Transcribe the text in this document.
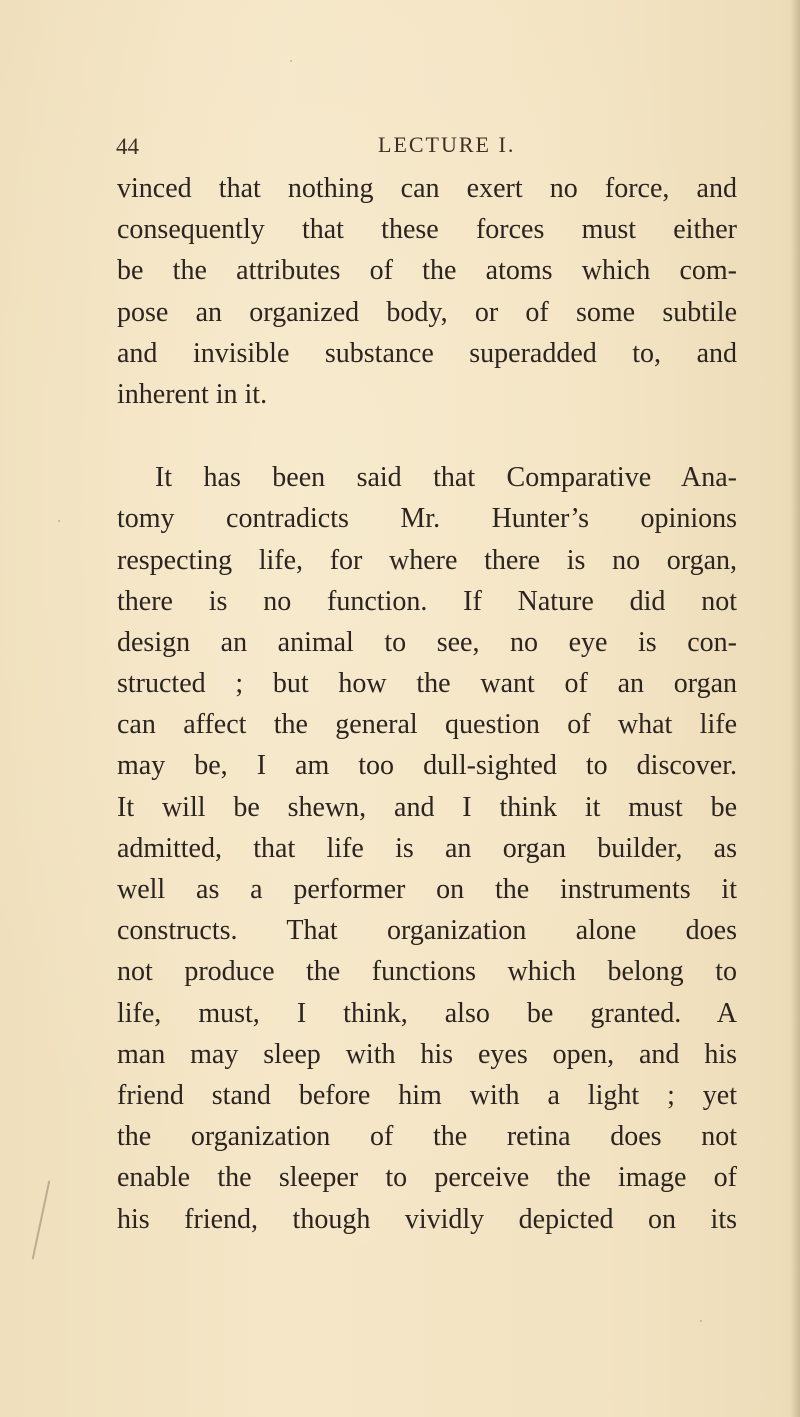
44	LECTURE I.
vinced that nothing can exert no force, and
consequently that these forces must either
be the attributes of the atoms which com-
pose an organized body, or of some subtile
and invisible substance superadded to, and
inherent in it.
It has been said that Comparative Ana-
tomy contradicts Mr. Hunter’s opinions
respecting life, for where there is no organ,
there is no function. If Nature did not
design an animal to see, no eye is con-
structed ; but how the want of an organ
can affect the general question of what life
may be, I am too dull-sighted to discover.
It will be shewn, and I think it must be
admitted, that life is an organ builder, as
well as a performer on the instruments it
constructs. That organization alone does
not produce the functions which belong to
life, must, I think, also be granted. A
man may sleep with his eyes open, and his
friend stand before him with a light ; yet
the organization of the retina does not
enable the sleeper to perceive the image of
his friend, though vividly depicted on its
